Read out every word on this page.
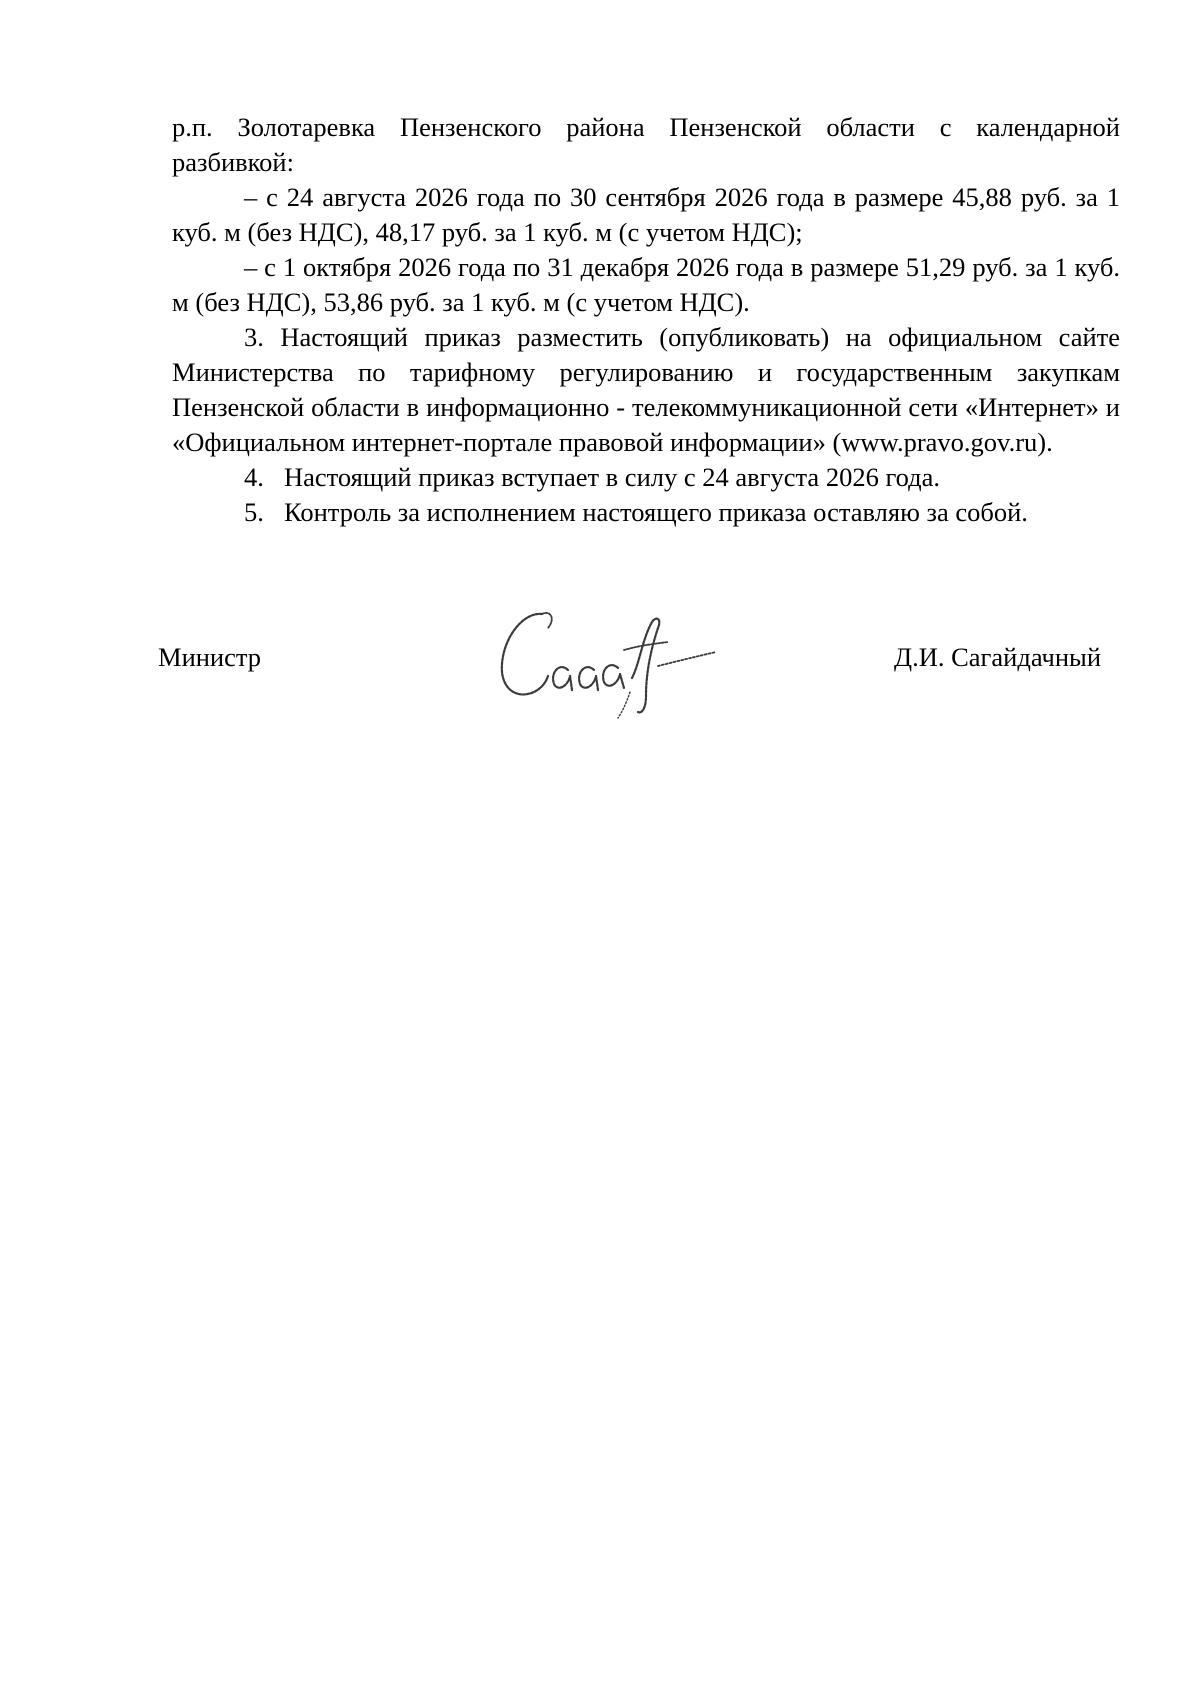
р.п. Золотаревка Пензенского района Пензенской области с календарной разбивкой:

– с 24 августа 2026 года по 30 сентября 2026 года в размере 45,88 руб. за 1 куб. м (без НДС), 48,17 руб. за 1 куб. м (с учетом НДС);

– с 1 октября 2026 года по 31 декабря 2026 года в размере 51,29 руб. за 1 куб. м (без НДС), 53,86 руб. за 1 куб. м (с учетом НДС).

3. Настоящий приказ разместить (опубликовать) на официальном сайте Министерства по тарифному регулированию и государственным закупкам Пензенской области в информационно - телекоммуникационной сети «Интернет» и «Официальном интернет-портале правовой информации» (www.pravo.gov.ru).

4. Настоящий приказ вступает в силу с 24 августа 2026 года.

5. Контроль за исполнением настоящего приказа оставляю за собой.

Министр	Д.И. Сагайдачный
